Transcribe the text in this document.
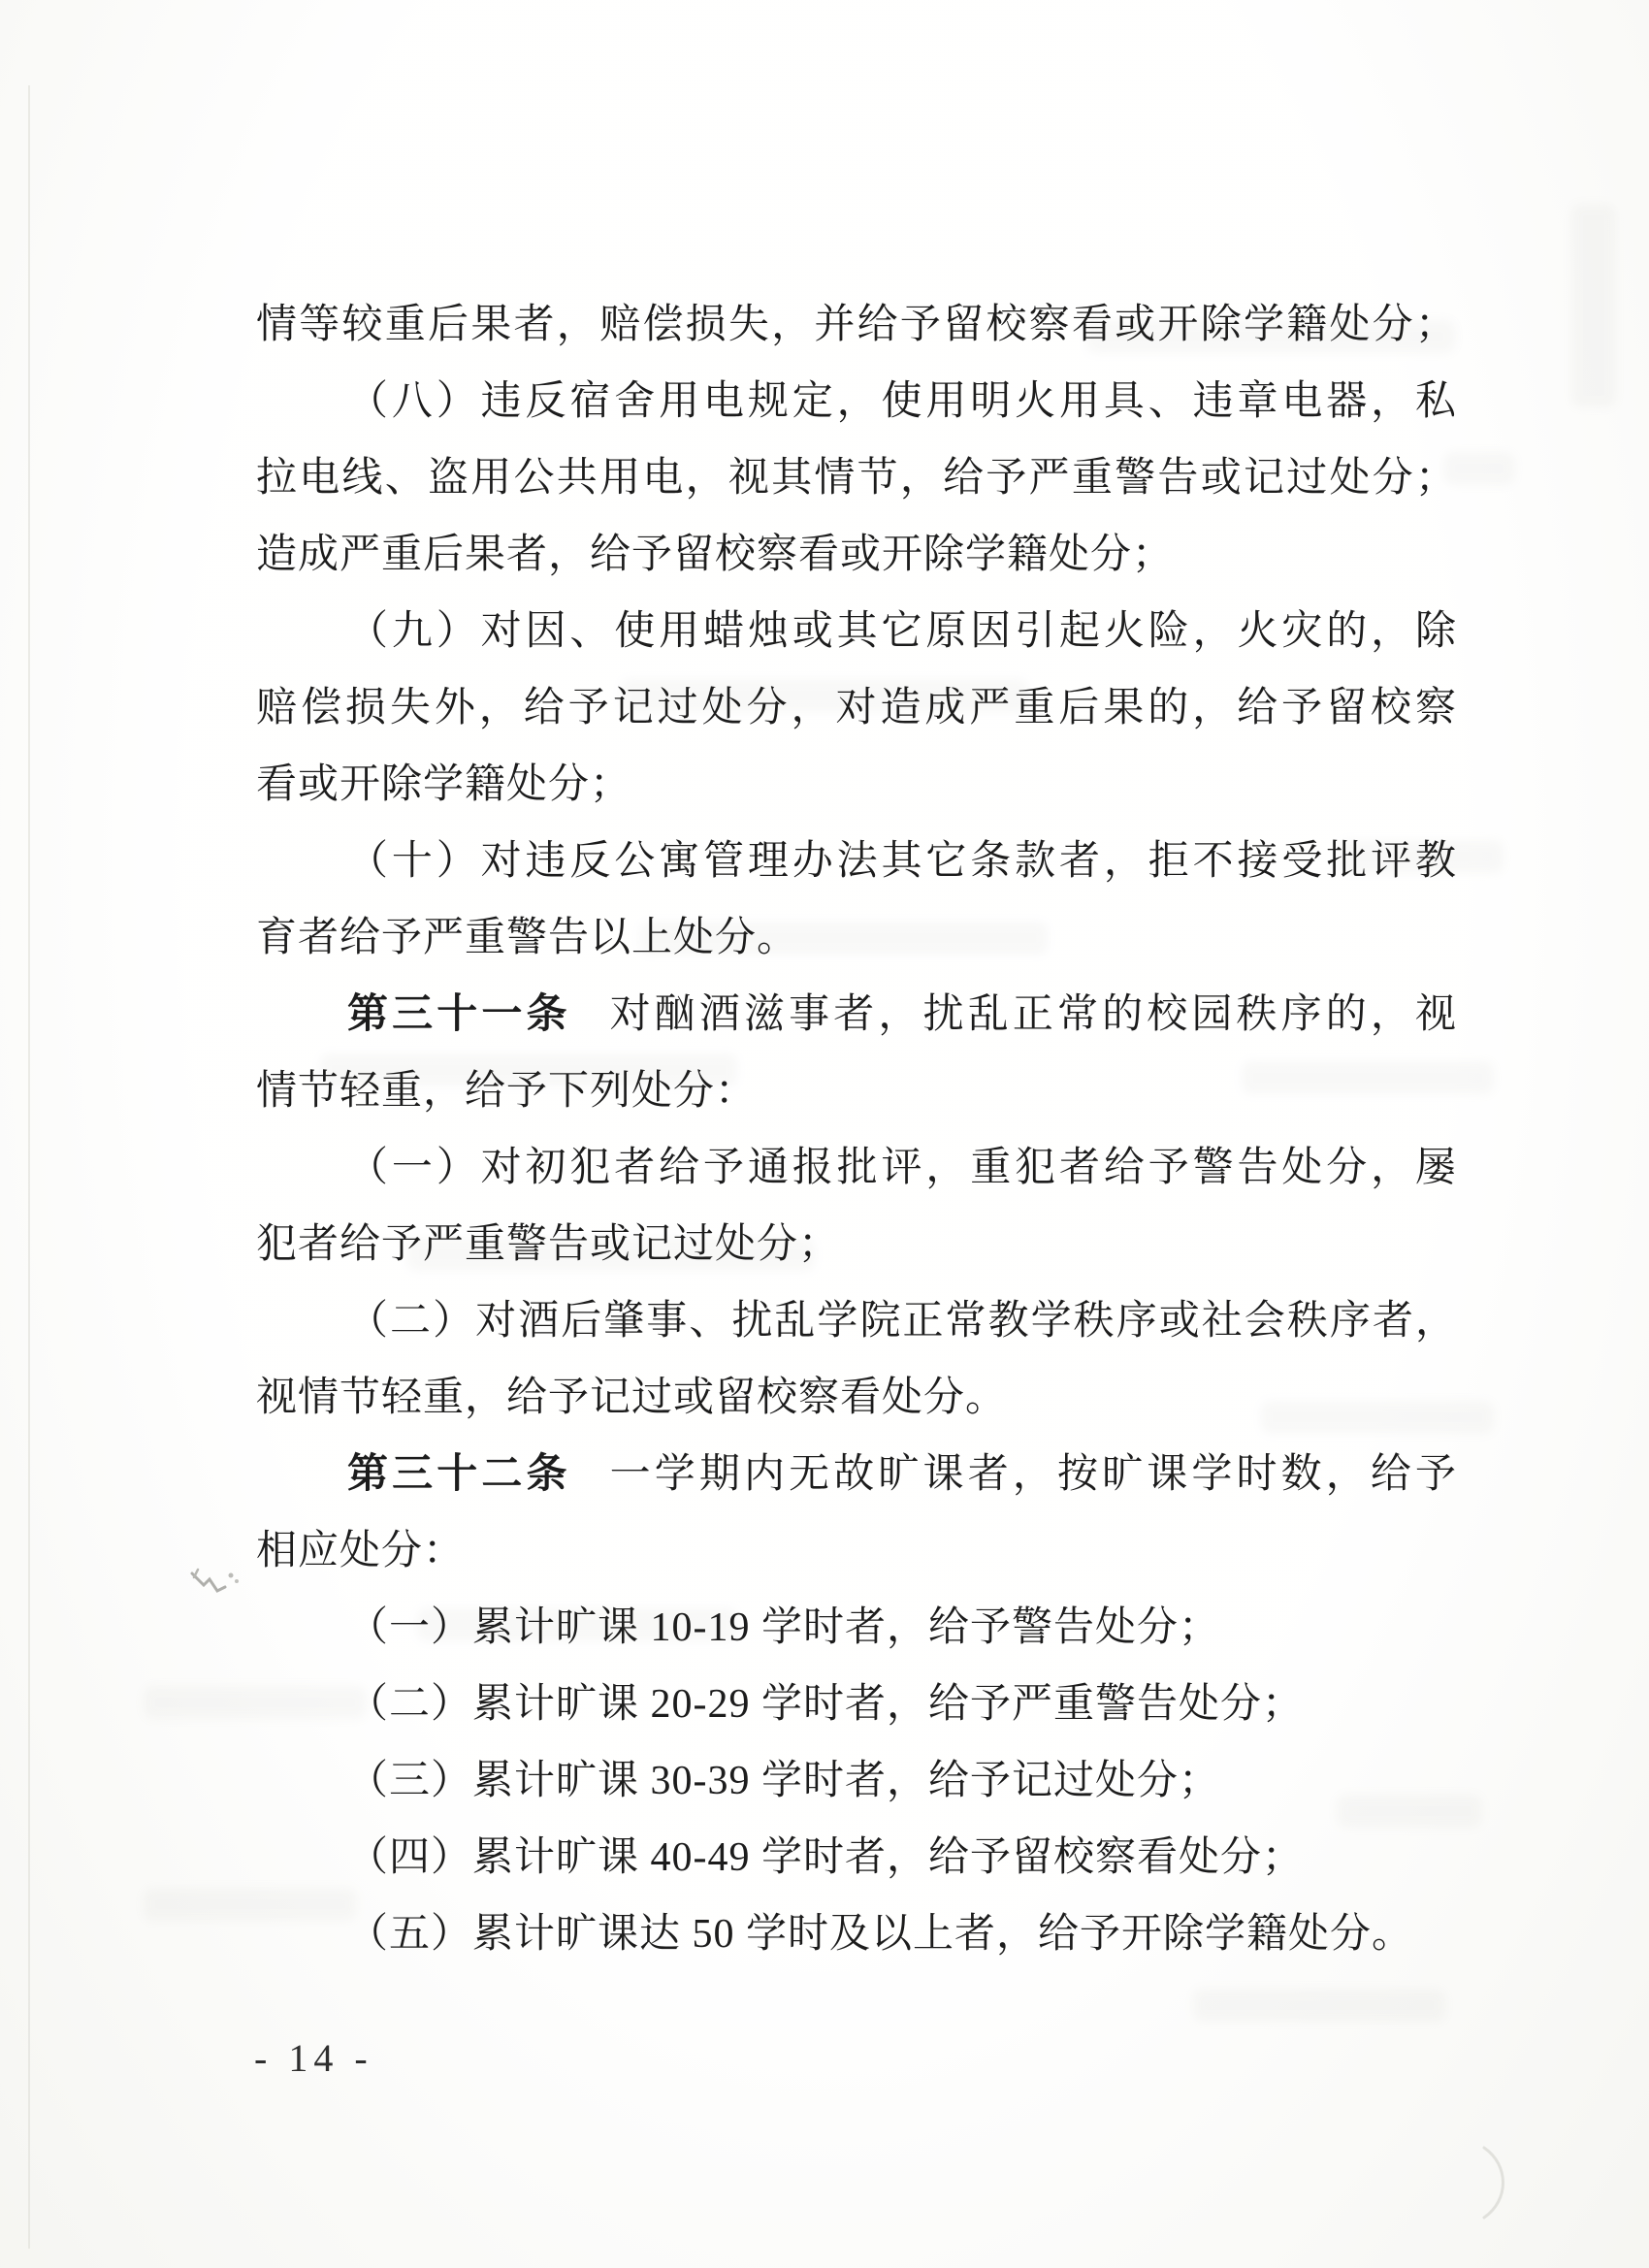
情等较重后果者，赔偿损失，并给予留校察看或开除学籍处分；
（八）违反宿舍用电规定，使用明火用具、违章电器，私
拉电线、盗用公共用电，视其情节，给予严重警告或记过处分；
造成严重后果者，给予留校察看或开除学籍处分；
（九）对因、使用蜡烛或其它原因引起火险，火灾的，除
赔偿损失外，给予记过处分，对造成严重后果的，给予留校察
看或开除学籍处分；
（十）对违反公寓管理办法其它条款者，拒不接受批评教
育者给予严重警告以上处分。
第三十一条 对酗酒滋事者，扰乱正常的校园秩序的，视
情节轻重，给予下列处分：
（一）对初犯者给予通报批评，重犯者给予警告处分，屡
犯者给予严重警告或记过处分；
（二）对酒后肇事、扰乱学院正常教学秩序或社会秩序者，
视情节轻重，给予记过或留校察看处分。
第三十二条 一学期内无故旷课者，按旷课学时数，给予
相应处分：
（一）累计旷课 10-19 学时者，给予警告处分；
（二）累计旷课 20-29 学时者，给予严重警告处分；
（三）累计旷课 30-39 学时者，给予记过处分；
（四）累计旷课 40-49 学时者，给予留校察看处分；
（五）累计旷课达 50 学时及以上者，给予开除学籍处分。
- 14 -
